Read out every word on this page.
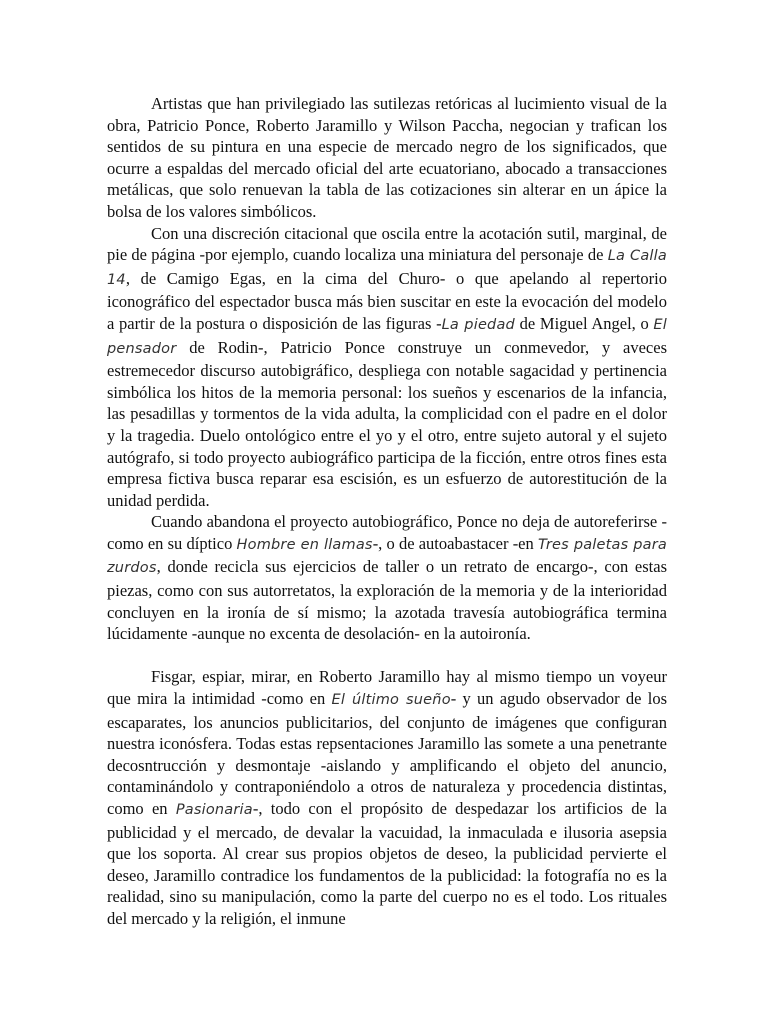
Artistas que han privilegiado las sutilezas retóricas al lucimiento visual de la obra, Patricio Ponce, Roberto Jaramillo y Wilson Paccha, negocian y trafican los sentidos de su pintura en una especie de mercado negro de los significados, que ocurre a espaldas del mercado oficial del arte ecuatoriano, abocado a transacciones metálicas, que solo renuevan la tabla de las cotizaciones sin alterar en un ápice la bolsa de los valores simbólicos.

Con una discreción citacional que oscila entre la acotación sutil, marginal, de pie de página -por ejemplo, cuando localiza una miniatura del personaje de La Calla 14, de Camigo Egas, en la cima del Churo- o que apelando al repertorio iconográfico del espectador busca más bien suscitar en este la evocación del modelo a partir de la postura o disposición de las figuras -La piedad de Miguel Angel, o El pensador de Rodin-, Patricio Ponce construye un conmevedor, y aveces estremecedor discurso autobigráfico, despliega con notable sagacidad y pertinencia simbólica los hitos de la memoria personal: los sueños y escenarios de la infancia, las pesadillas y tormentos de la vida adulta, la complicidad con el padre en el dolor y la tragedia. Duelo ontológico entre el yo y el otro, entre sujeto autoral y el sujeto autógrafo, si todo proyecto aubiográfico participa de la ficción, entre otros fines esta empresa fictiva busca reparar esa escisión, es un esfuerzo de autorestitución de la unidad perdida.

Cuando abandona el proyecto autobiográfico, Ponce no deja de autoreferirse -como en su díptico Hombre en llamas-, o de autoabastacer -en Tres paletas para zurdos, donde recicla sus ejercicios de taller o un retrato de encargo-, con estas piezas, como con sus autorretatos, la exploración de la memoria y de la interioridad concluyen en la ironía de sí mismo; la azotada travesía autobiográfica termina lúcidamente -aunque no excenta de desolación- en la autoironía.

Fisgar, espiar, mirar, en Roberto Jaramillo hay al mismo tiempo un voyeur que mira la intimidad -como en El último sueño- y un agudo observador de los escaparates, los anuncios publicitarios, del conjunto de imágenes que configuran nuestra iconósfera. Todas estas repsentaciones Jaramillo las somete a una penetrante decosntrucción y desmontaje -aislando y amplificando el objeto del anuncio, contaminándolo y contraponiéndolo a otros de naturaleza y procedencia distintas, como en Pasionaria-, todo con el propósito de despedazar los artificios de la publicidad y el mercado, de devalar la vacuidad, la inmaculada e ilusoria asepsia que los soporta. Al crear sus propios objetos de deseo, la publicidad pervierte el deseo, Jaramillo contradice los fundamentos de la publicidad: la fotografía no es la realidad, sino su manipulación, como la parte del cuerpo no es el todo. Los rituales del mercado y la religión, el inmune
